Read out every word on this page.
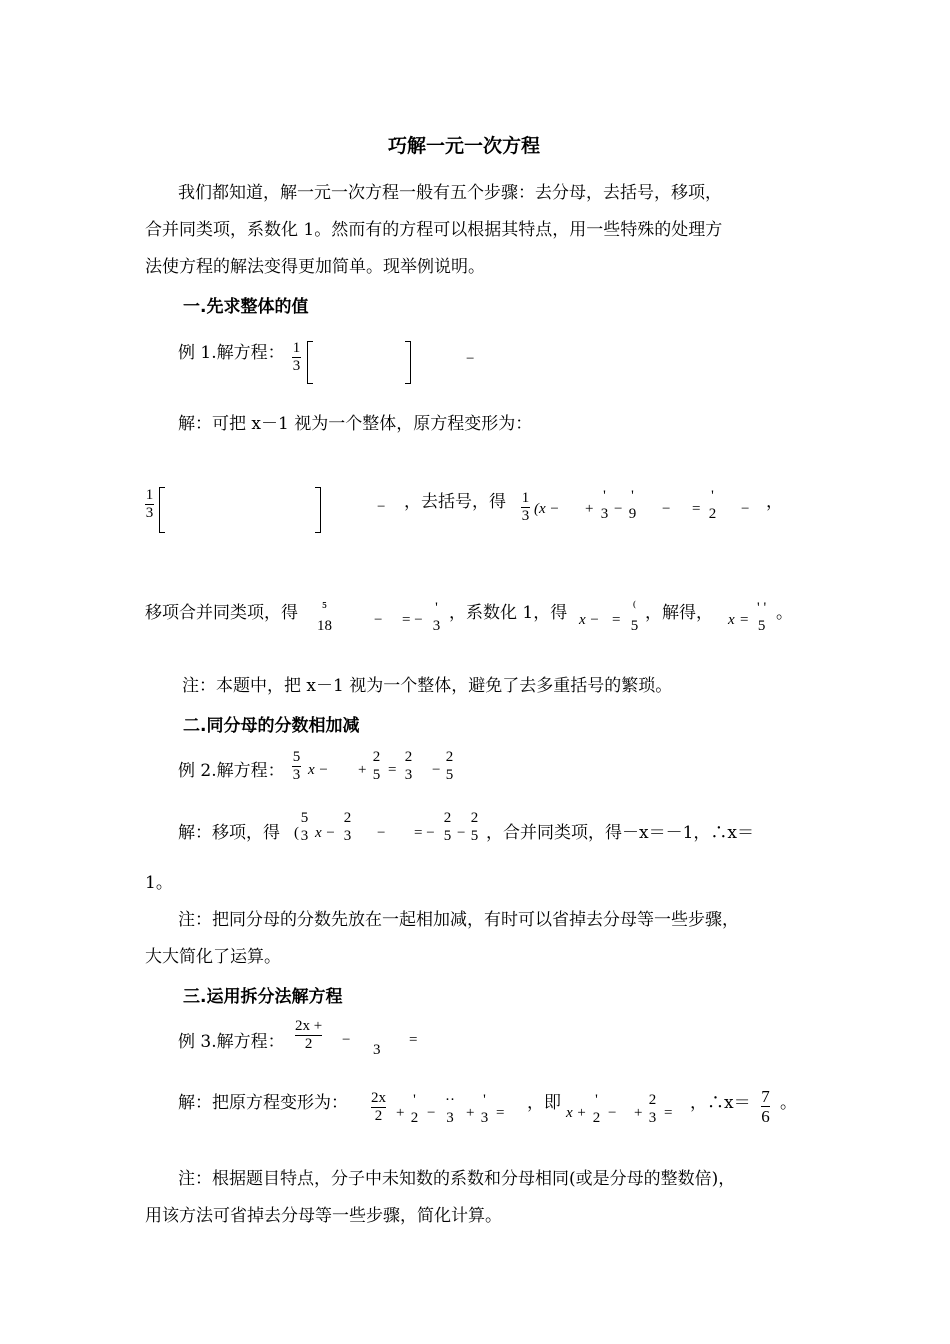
巧解一元一次方程
我们都知道，解一元一次方程一般有五个步骤：去分母，去括号，移项，
合并同类项，系数化 1。然而有的方程可以根据其特点，用一些特殊的处理方
法使方程的解法变得更加简单。现举例说明。
一.先求整体的值
例 1.解方程： 1
3	−
解：可把 x－1 视为一个整体，原方程变形为：
1
3	− ，去括号，得 1
3 (x − +
'
3 −
'
9 − =
'
2 − ，
移项合并同类项，得 ⁵
18	− = −
'
3
，系数化 1，得 x − =
⁽
5
，解得， x =
' '
5
。
注：本题中，把 x－1 视为一个整体，避免了去多重括号的繁琐。
二.同分母的分数相加减
例 2.解方程：
5
3 x − +
2
5 =
2
3 −
2
5
解：移项，得 (
5
3 x −
2
3 − = −
2
5 −
2
5 ，合并同类项，得－x＝－1，∴x＝
1。
注：把同分母的分数先放在一起相加减，有时可以省掉去分母等一些步骤，
大大简化了运算。
三.运用拆分法解方程
例 3.解方程：
2x +
2 −
3
=
解：把原方程变形为： 2x
2 +
'
2 −
··
3 +
'
3 = ，即 x +
'
2 − +
2
3 = ，∴x＝ 7
6
。
注：根据题目特点，分子中未知数的系数和分母相同(或是分母的整数倍)，
用该方法可省掉去分母等一些步骤，简化计算。
